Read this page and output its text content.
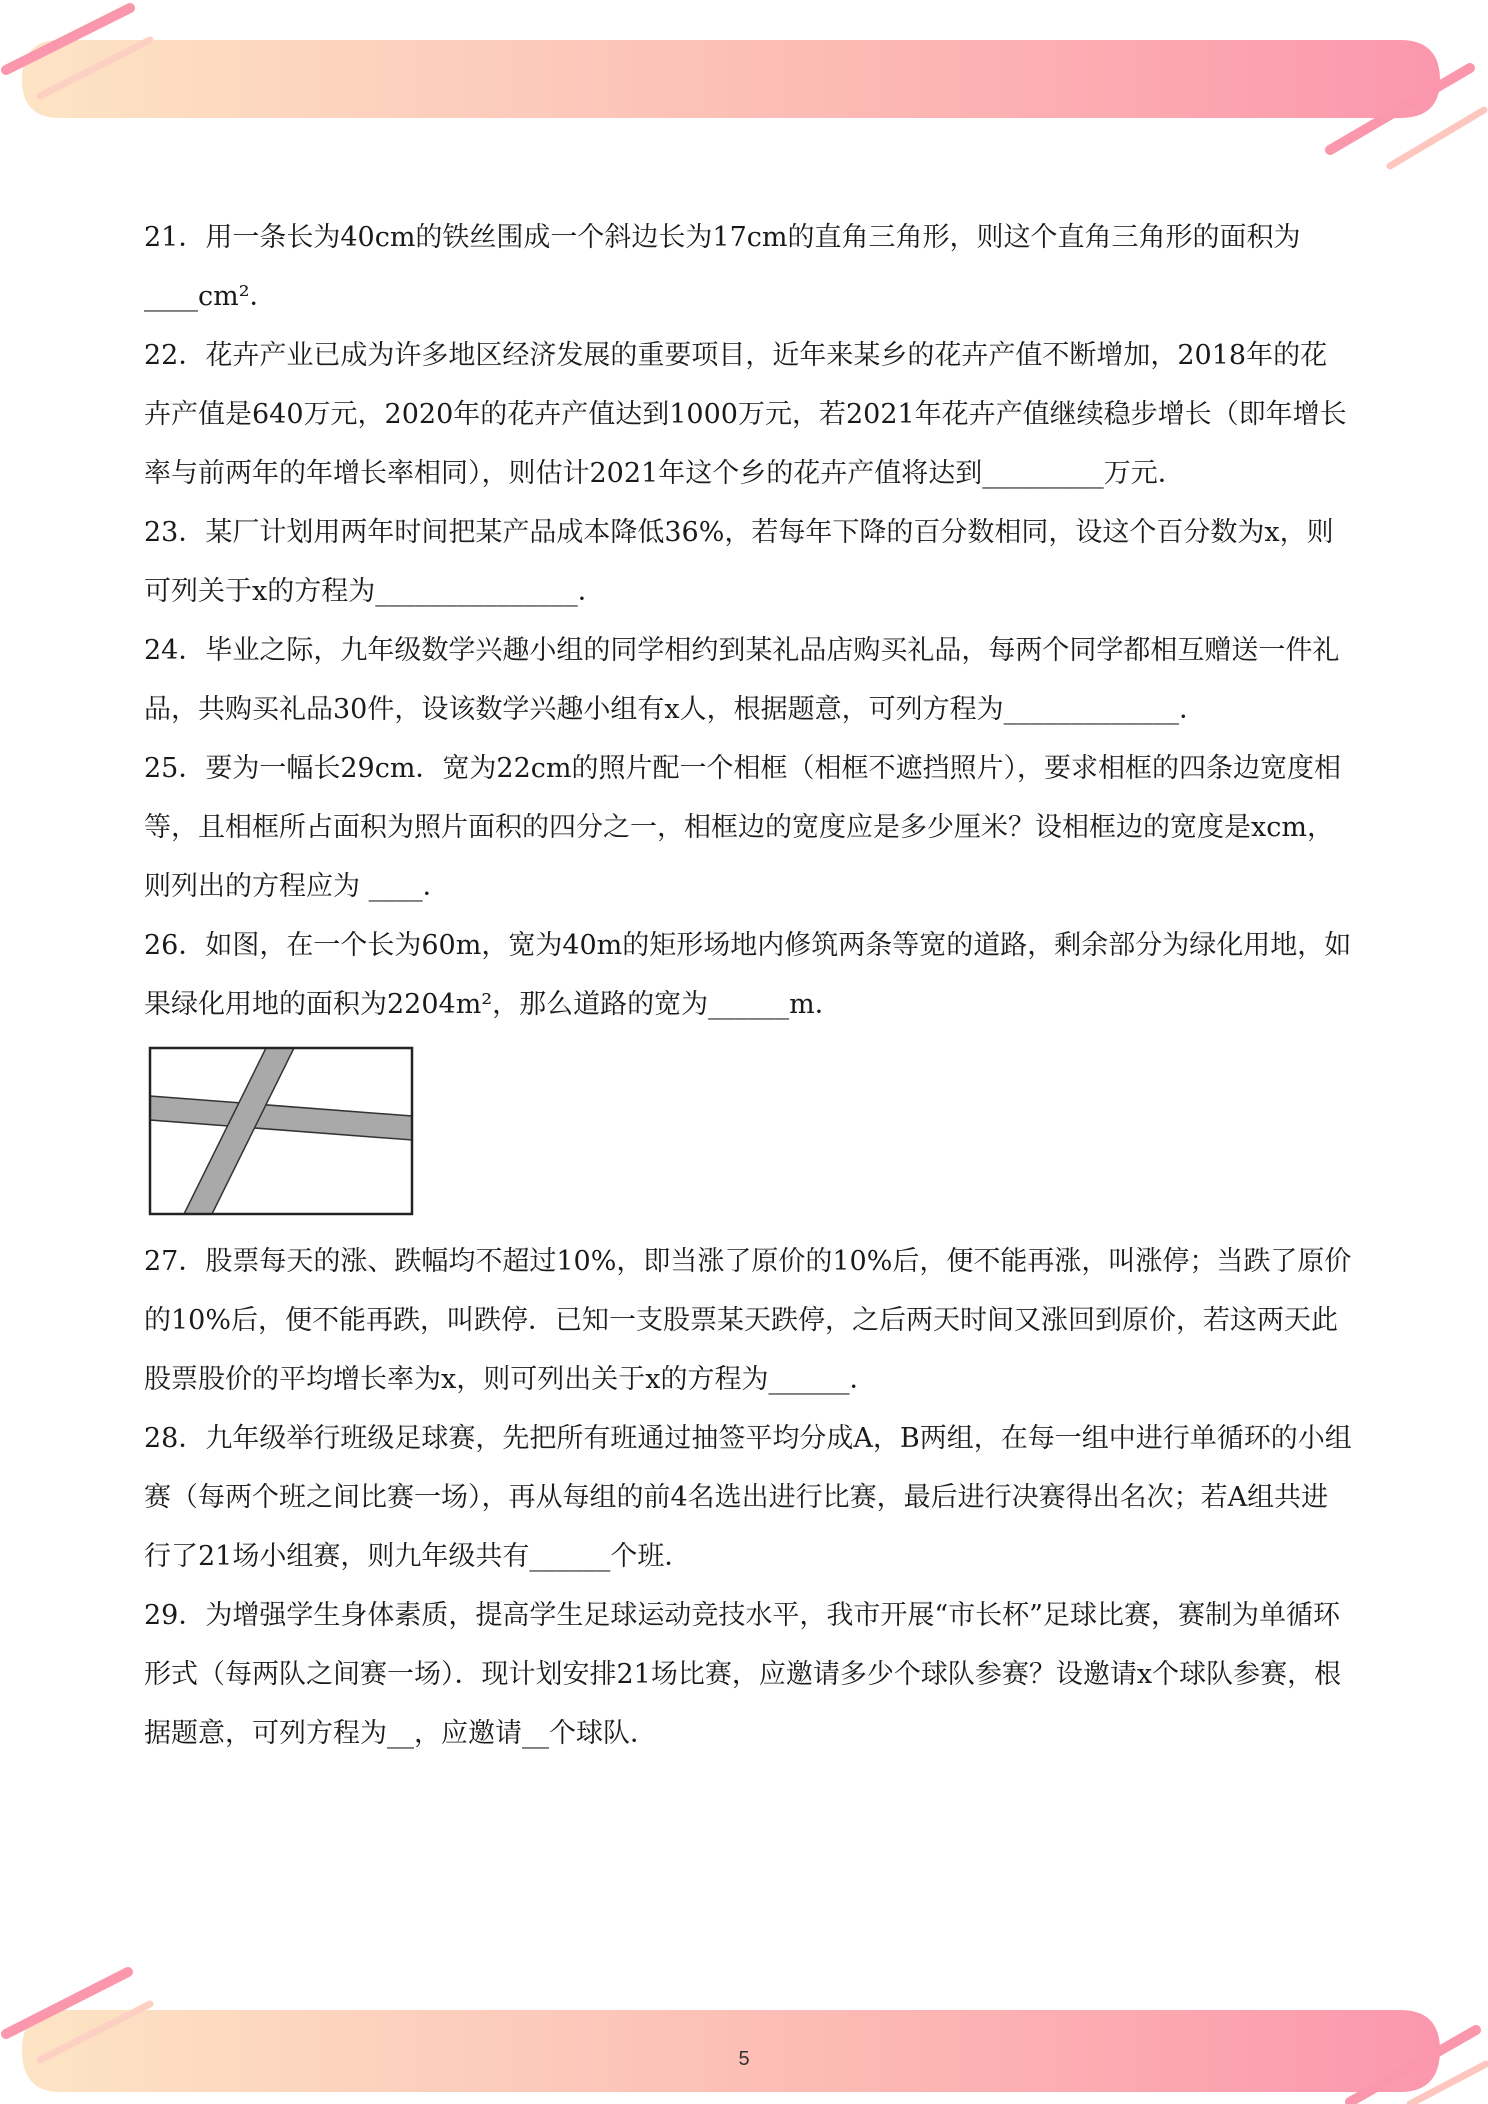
21．用一条长为40cm的铁丝围成一个斜边长为17cm的直角三角形，则这个直角三角形的面积为____cm²．

22．花卉产业已成为许多地区经济发展的重要项目，近年来某乡的花卉产值不断增加，2018年的花卉产值是640万元，2020年的花卉产值达到1000万元，若2021年花卉产值继续稳步增长（即年增长率与前两年的年增长率相同），则估计2021年这个乡的花卉产值将达到_________万元．

23．某厂计划用两年时间把某产品成本降低36%，若每年下降的百分数相同，设这个百分数为x，则可列关于x的方程为_______________．

24．毕业之际，九年级数学兴趣小组的同学相约到某礼品店购买礼品，每两个同学都相互赠送一件礼品，共购买礼品30件，设该数学兴趣小组有x人，根据题意，可列方程为_____________．

25．要为一幅长29cm．宽为22cm的照片配一个相框（相框不遮挡照片），要求相框的四条边宽度相等，且相框所占面积为照片面积的四分之一，相框边的宽度应是多少厘米？设相框边的宽度是xcm，则列出的方程应为 ____．

26．如图，在一个长为60m，宽为40m的矩形场地内修筑两条等宽的道路，剩余部分为绿化用地，如果绿化用地的面积为2204m²，那么道路的宽为______m．

27．股票每天的涨、跌幅均不超过10%，即当涨了原价的10%后，便不能再涨，叫涨停；当跌了原价的10%后，便不能再跌，叫跌停．已知一支股票某天跌停，之后两天时间又涨回到原价，若这两天此股票股价的平均增长率为x，则可列出关于x的方程为______．

28．九年级举行班级足球赛，先把所有班通过抽签平均分成A，B两组，在每一组中进行单循环的小组赛（每两个班之间比赛一场），再从每组的前4名选出进行比赛，最后进行决赛得出名次；若A组共进行了21场小组赛，则九年级共有______个班．

29．为增强学生身体素质，提高学生足球运动竞技水平，我市开展“市长杯”足球比赛，赛制为单循环形式（每两队之间赛一场）．现计划安排21场比赛，应邀请多少个球队参赛？设邀请x个球队参赛，根据题意，可列方程为__，应邀请__个球队．

5
